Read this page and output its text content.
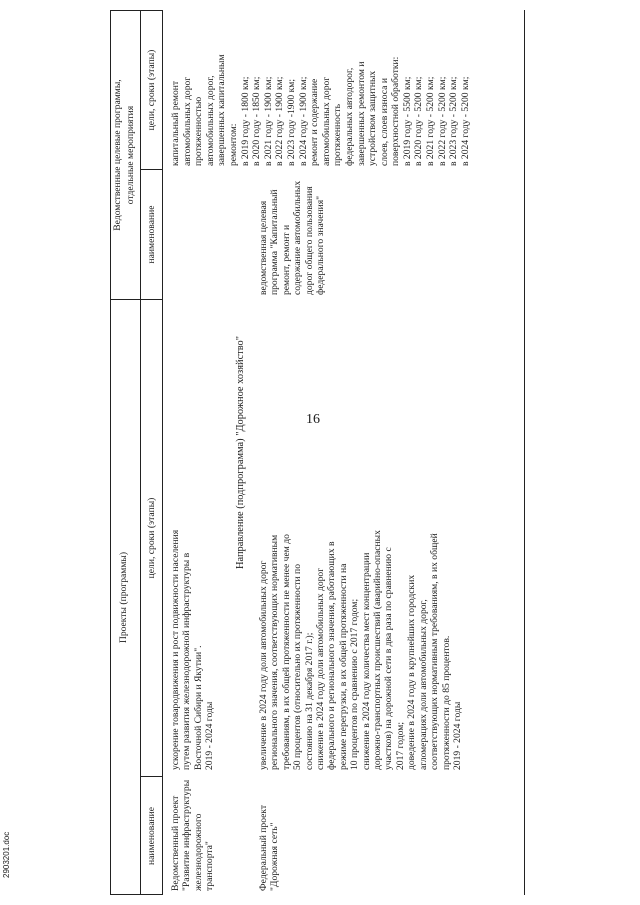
16
2903201.doc
Проекты (программы)
Ведомственные целевые программы, отдельные мероприятия
наименование
цели, сроки (этапы)
наименование
цели, сроки (этапы)
Ведомственный проект "Развитие инфраструктуры железнодорожного транспорта"
ускорение товародвижения и рост подвижности населения путем развития железнодорожной инфраструктуры в Восточной Сибири и Якутии". 2019 - 2024 годы
Направление (подпрограмма) "Дорожное хозяйство"
Федеральный проект "Дорожная сеть"
увеличение в 2024 году доли автомобильных дорог регионального значения, соответствующих нормативным требованиям, в их общей протяженности не менее чем до 50 процентов (относительно их протяженности по состоянию на 31 декабря 2017 г.); снижение в 2024 году доли автомобильных дорог федерального и регионального значения, работающих в режиме перегрузки, в их общей протяженности на 10 процентов по сравнению с 2017 годом; снижение в 2024 году количества мест концентрации дорожно-транспортных происшествий (аварийно-опасных участков) на дорожной сети в два раза по сравнению с 2017 годом; доведение в 2024 году в крупнейших городских агломерациях доли автомобильных дорог, соответствующих нормативным требованиям, в их общей протяженности до 85 процентов. 2019 - 2024 годы
ведомственная целевая программа "Капитальный ремонт, ремонт и содержание автомобильных дорог общего пользования федерального значения"
капитальный ремонт автомобильных дорог протяженностью автомобильных дорог, завершенных капитальным ремонтом: в 2019 году - 1800 км; в 2020 году - 1850 км; в 2021 году - 1900 км; в 2022 году - 1900 км; в 2023 году -1900 км; в 2024 году - 1900 км; ремонт и содержание автомобильных дорог протяженность федеральных автодорог, завершенных ремонтом и устройством защитных слоев, слоев износа и поверхностной обработки: в 2019 году - 5500 км; в 2020 году - 5200 км; в 2021 году - 5200 км; в 2022 году - 5200 км; в 2023 году - 5200 км; в 2024 году - 5200 км;
